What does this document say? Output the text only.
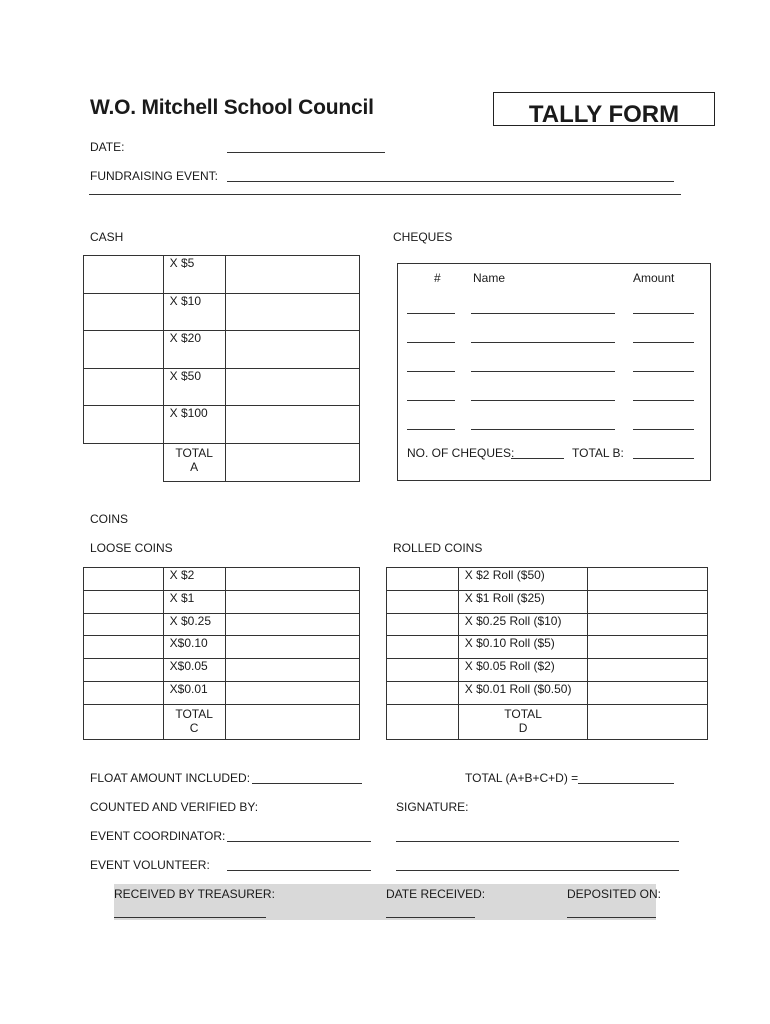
W.O. Mitchell School Council	TALLY FORM
DATE:
FUNDRAISING EVENT:
CASH
	X $5	
	X $10	
	X $20	
	X $50	
	X $100	

	TOTAL
A	

CHEQUES
#	Name	Amount
NO. OF CHEQUES:	TOTAL B:
COINS
LOOSE COINS	ROLLED COINS
	X $2	
	X $1	
	X $0.25	
	X$0.10	
	X$0.05	
	X$0.01	

	TOTAL
C	

	X $2 Roll ($50)	
	X $1 Roll ($25)	
	X $0.25 Roll ($10)	
	X $0.10 Roll ($5)	
	X $0.05 Roll ($2)	
	X $0.01 Roll ($0.50)	

	TOTAL
D	

FLOAT AMOUNT INCLUDED:	TOTAL (A+B+C+D) =
COUNTED AND VERIFIED BY:	SIGNATURE:
EVENT COORDINATOR:
EVENT VOLUNTEER:
RECEIVED BY TREASURER:	DATE RECEIVED:	DEPOSITED ON:
